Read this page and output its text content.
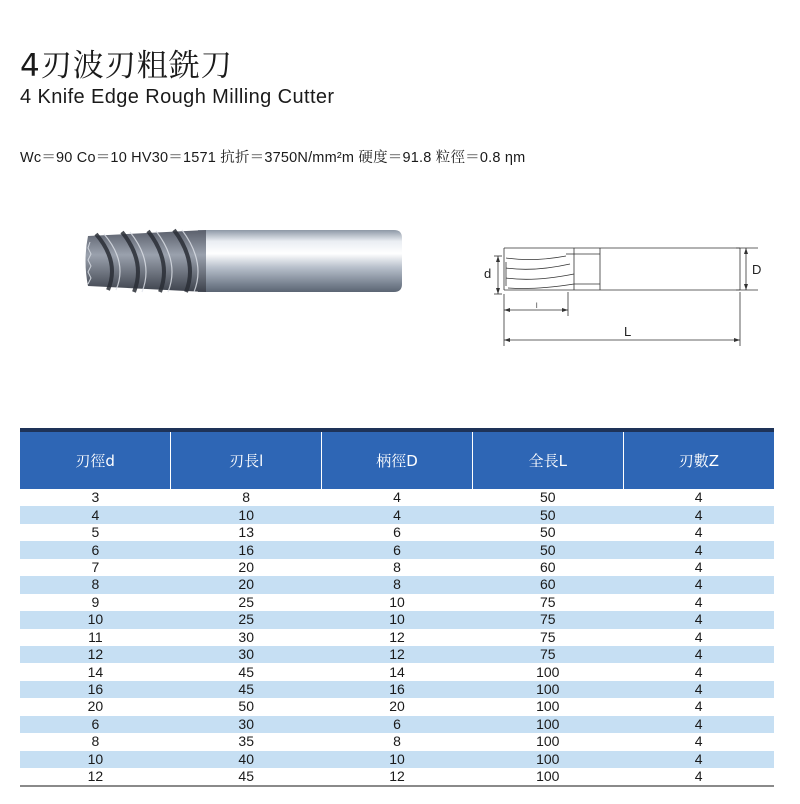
4刃波刃粗銑刀
4 Knife Edge Rough Milling Cutter
Wc＝90 Co＝10 HV30＝1571 抗折＝3750N/mm²m 硬度＝91.8 粒徑＝0.8 ηm
d	D
l
L
刃徑d	刃長l	柄徑D	全長L	刃數Z
3	8	4	50	4
4	10	4	50	4
5	13	6	50	4
6	16	6	50	4
7	20	8	60	4
8	20	8	60	4
9	25	10	75	4
10	25	10	75	4
11	30	12	75	4
12	30	12	75	4
14	45	14	100	4
16	45	16	100	4
20	50	20	100	4
6	30	6	100	4
8	35	8	100	4
10	40	10	100	4
12	45	12	100	4
